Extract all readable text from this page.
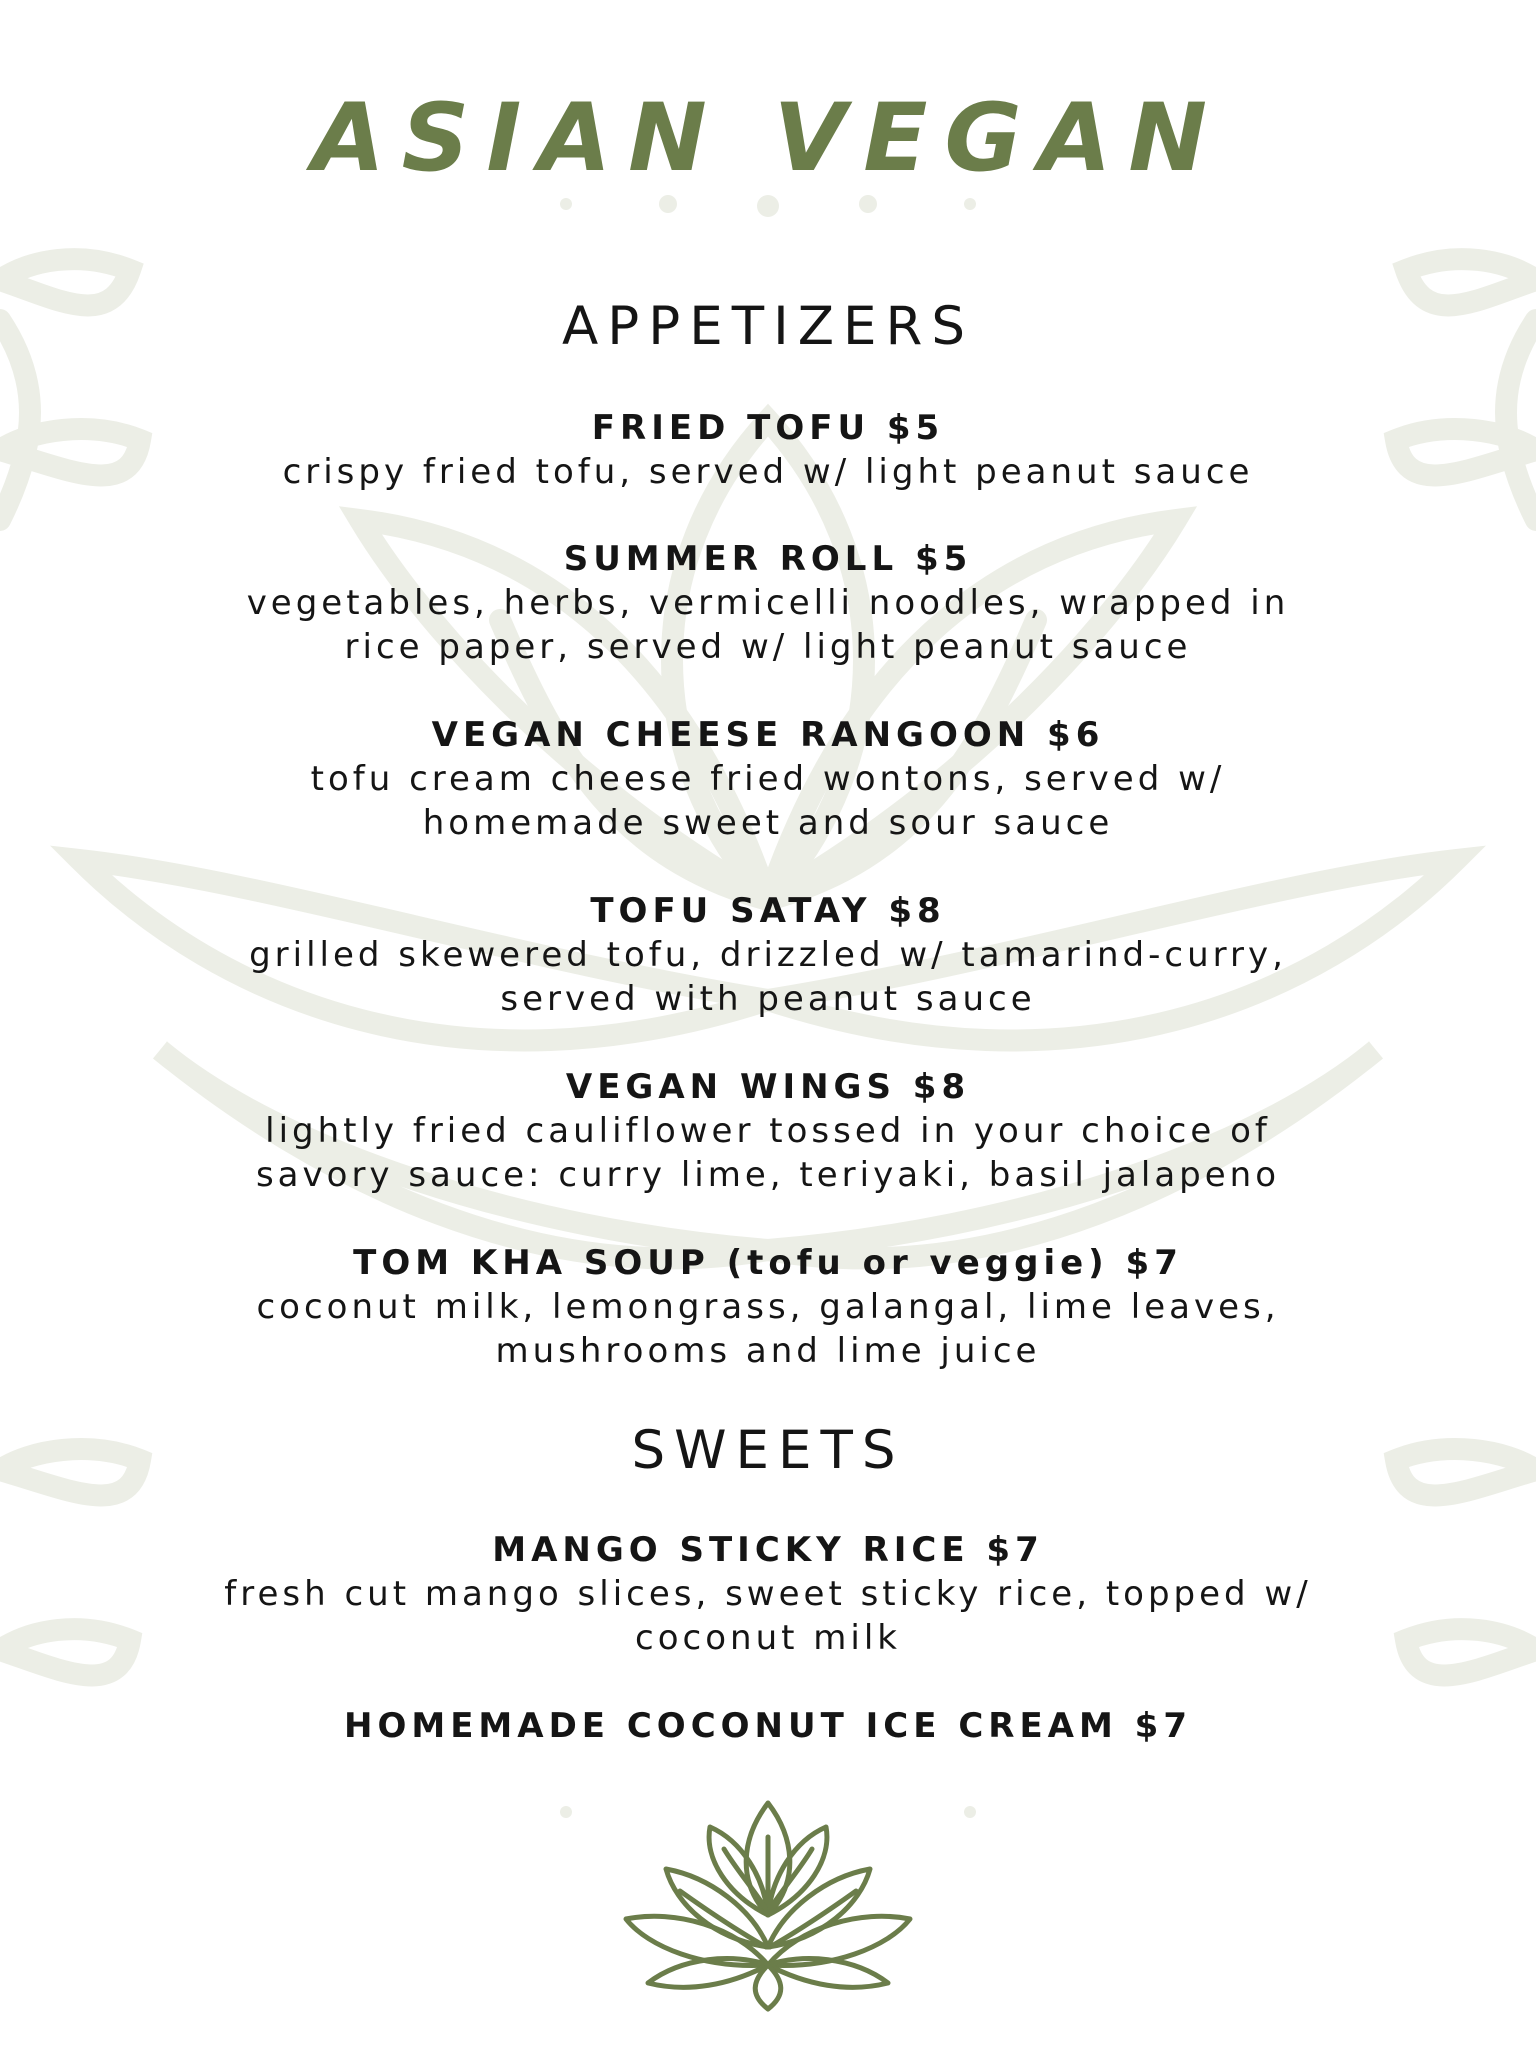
ASIAN VEGAN
APPETIZERS
FRIED TOFU $5
crispy fried tofu, served w/ light peanut sauce
SUMMER ROLL $5
vegetables, herbs, vermicelli noodles, wrapped in
rice paper, served w/ light peanut sauce
VEGAN CHEESE RANGOON $6
tofu cream cheese fried wontons, served w/
homemade sweet and sour sauce
TOFU SATAY $8
grilled skewered tofu, drizzled w/ tamarind-curry,
served with peanut sauce
VEGAN WINGS $8
lightly fried cauliflower tossed in your choice of
savory sauce: curry lime, teriyaki, basil jalapeno
TOM KHA SOUP (tofu or veggie) $7
coconut milk, lemongrass, galangal, lime leaves,
mushrooms and lime juice
SWEETS
MANGO STICKY RICE $7
fresh cut mango slices, sweet sticky rice, topped w/
coconut milk
HOMEMADE COCONUT ICE CREAM $7
